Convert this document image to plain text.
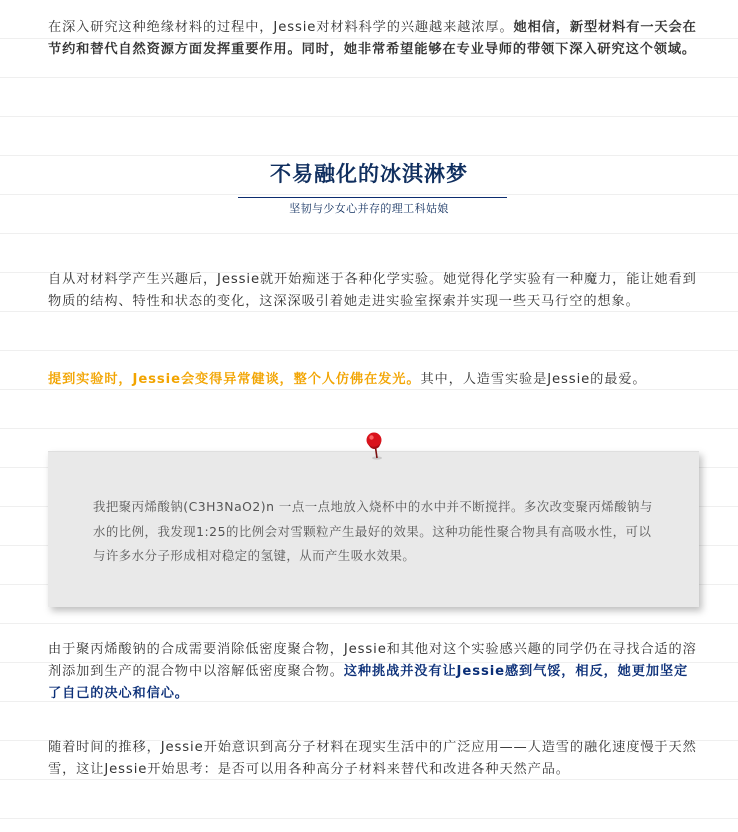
在深入研究这种绝缘材料的过程中，Jessie对材料科学的兴趣越来越浓厚。她相信，新型材料有一天会在节约和替代自然资源方面发挥重要作用。同时，她非常希望能够在专业导师的带领下深入研究这个领域。

不易融化的冰淇淋梦
坚韧与少女心并存的理工科姑娘

自从对材料学产生兴趣后，Jessie就开始痴迷于各种化学实验。她觉得化学实验有一种魔力，能让她看到物质的结构、特性和状态的变化，这深深吸引着她走进实验室探索并实现一些天马行空的想象。

提到实验时，Jessie会变得异常健谈，整个人仿佛在发光。其中，人造雪实验是Jessie的最爱。

我把聚丙烯酸钠(C3H3NaO2)n 一点一点地放入烧杯中的水中并不断搅拌。多次改变聚丙烯酸钠与水的比例，我发现1:25的比例会对雪颗粒产生最好的效果。这种功能性聚合物具有高吸水性，可以与许多水分子形成相对稳定的氢键，从而产生吸水效果。

由于聚丙烯酸钠的合成需要消除低密度聚合物，Jessie和其他对这个实验感兴趣的同学仍在寻找合适的溶剂添加到生产的混合物中以溶解低密度聚合物。这种挑战并没有让Jessie感到气馁，相反，她更加坚定了自己的决心和信心。

随着时间的推移，Jessie开始意识到高分子材料在现实生活中的广泛应用——人造雪的融化速度慢于天然雪，这让Jessie开始思考：是否可以用各种高分子材料来替代和改进各种天然产品。
